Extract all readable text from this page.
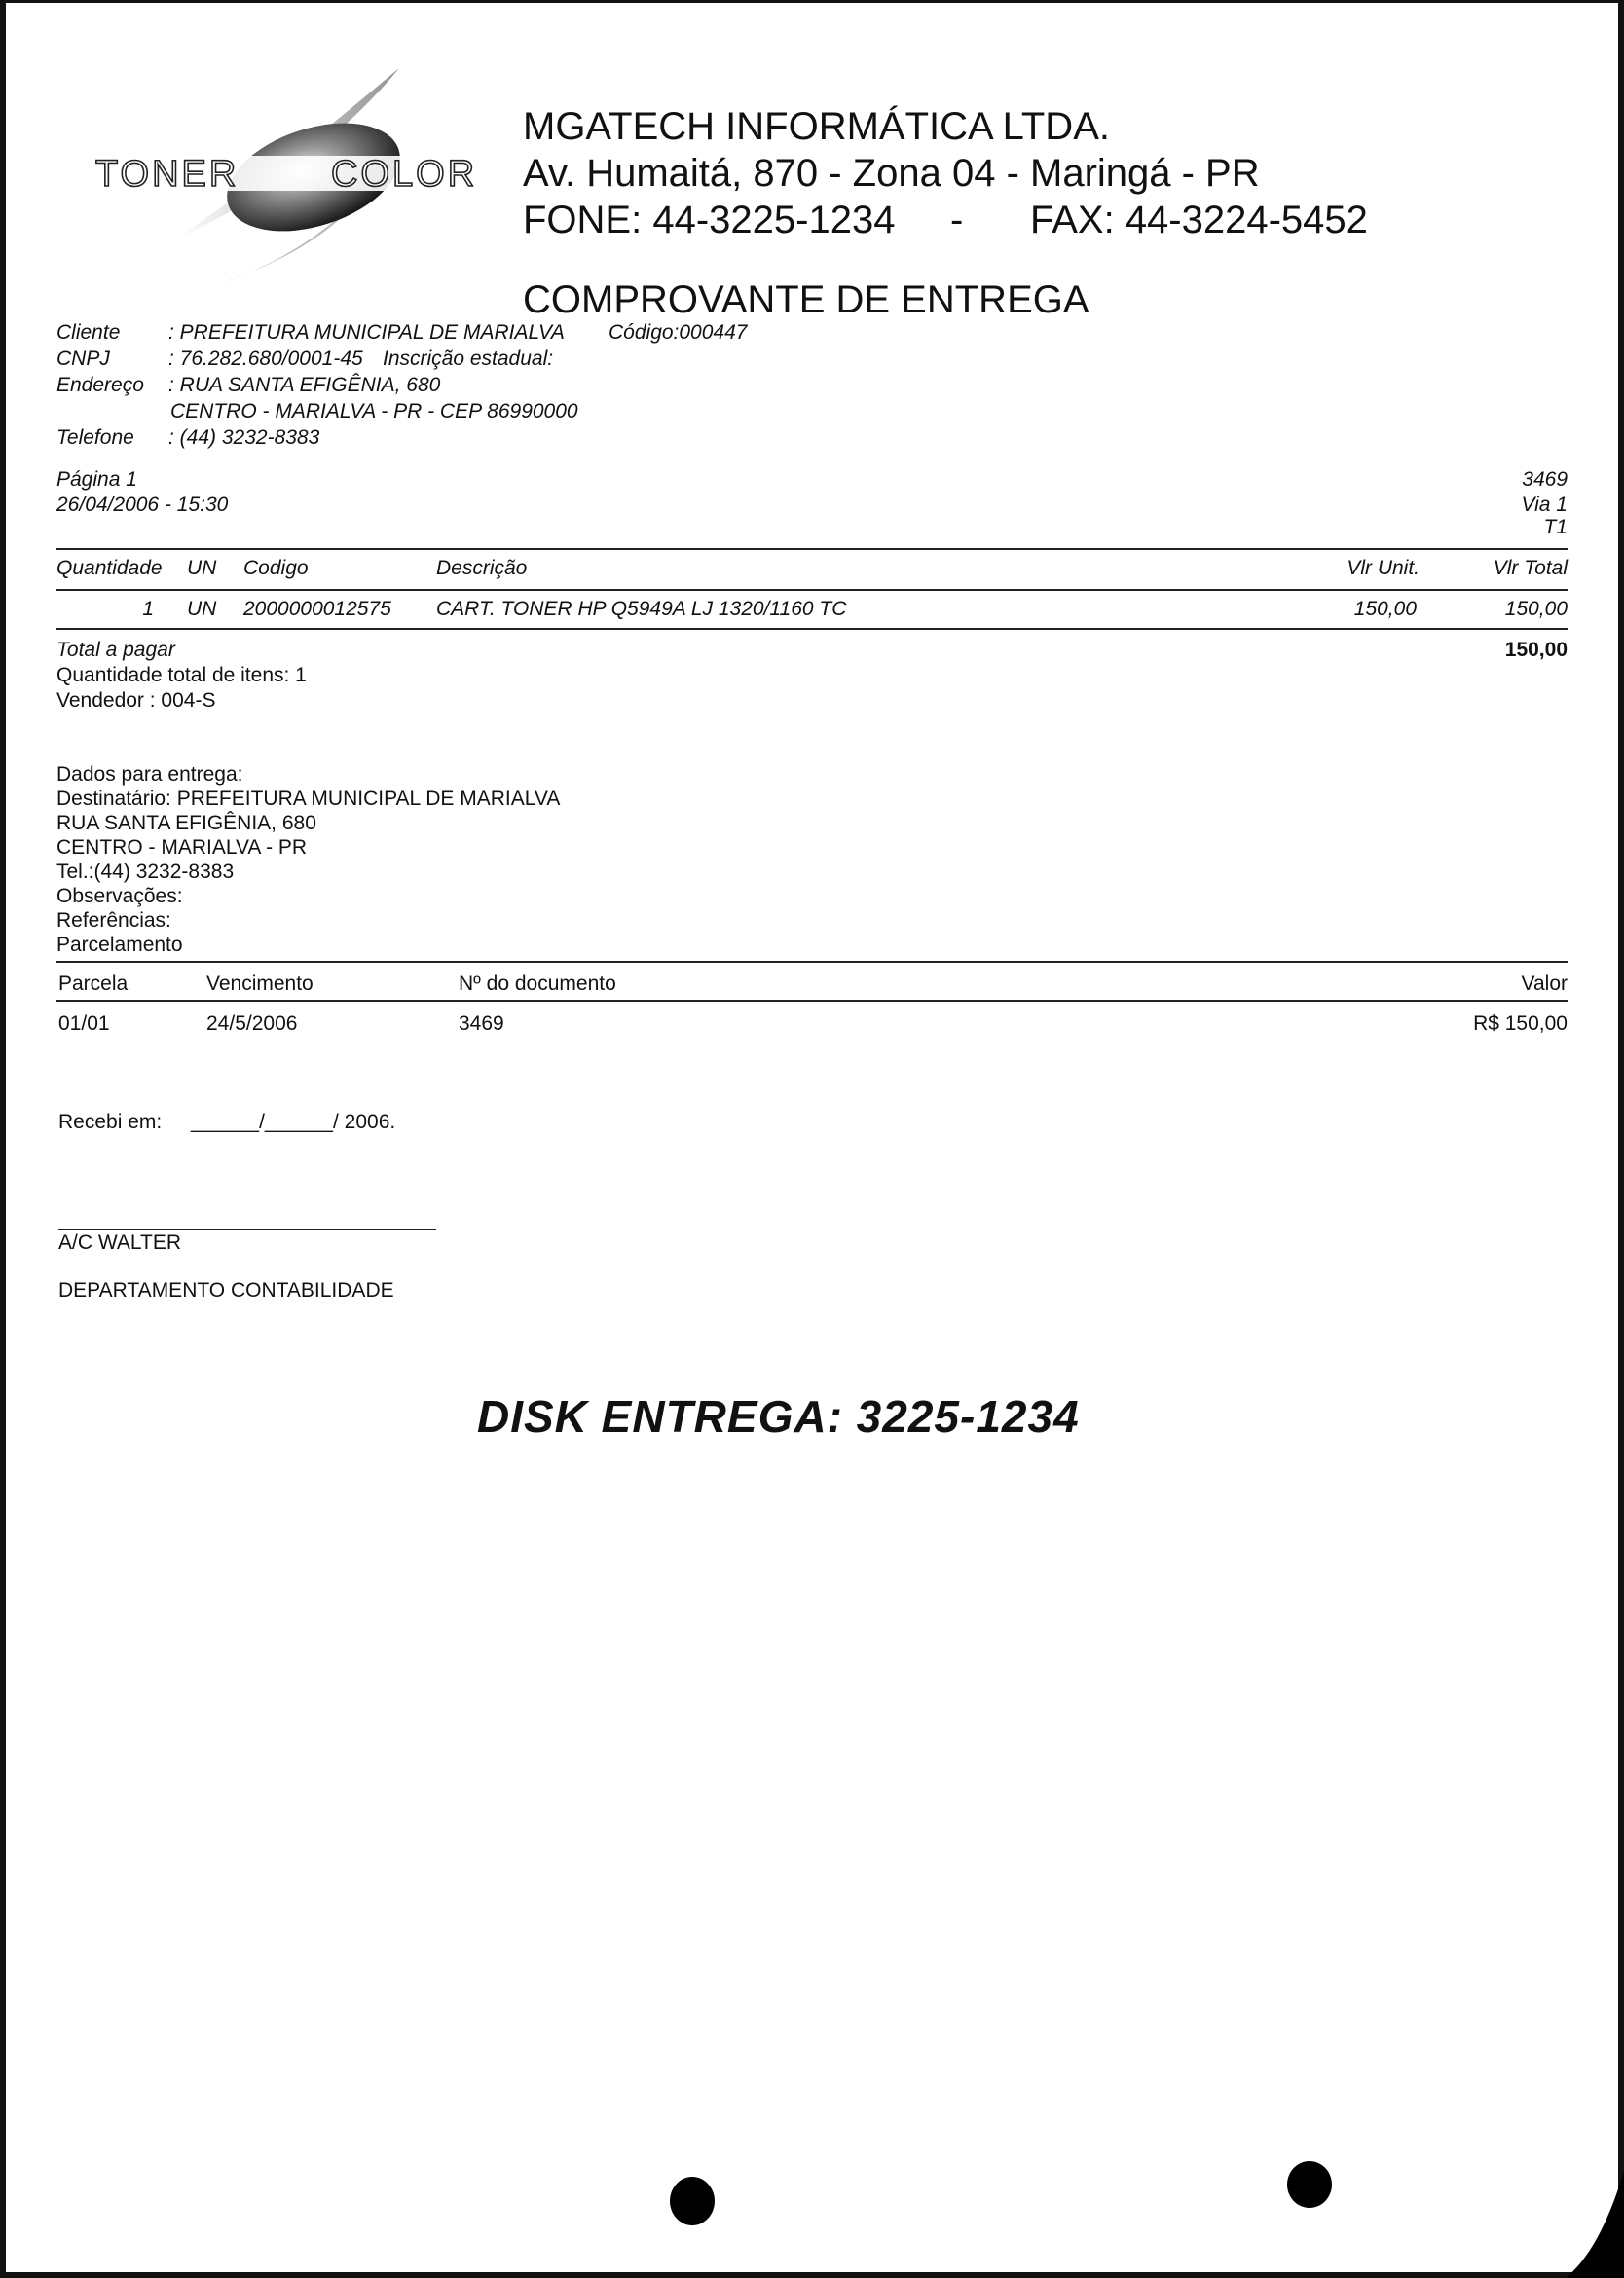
TONER COLOR
MGATECH INFORMÁTICA LTDA.
Av. Humaitá, 870 - Zona 04 - Maringá - PR
FONE: 44-3225-1234 - FAX: 44-3224-5452
COMPROVANTE DE ENTREGA
Cliente : PREFEITURA MUNICIPAL DE MARIALVA Código:000447
CNPJ	: 76.282.680/0001-45 Inscrição estadual:
Endereço : RUA SANTA EFIGÊNIA, 680
CENTRO - MARIALVA - PR - CEP 86990000
Telefone : (44) 3232-8383
Página 1
26/04/2006 - 15:30
3469
Via 1
T1
Quantidade UN Codigo	Descrição	Vlr Unit.	Vlr Total
1 UN 2000000012575 CART. TONER HP Q5949A LJ 1320/1160 TC	150,00	150,00
Total a pagar	150,00
Quantidade total de itens: 1
Vendedor : 004-S
Dados para entrega:
Destinatário: PREFEITURA MUNICIPAL DE MARIALVA
RUA SANTA EFIGÊNIA, 680
CENTRO - MARIALVA - PR
Tel.:(44) 3232-8383
Observações:
Referências:
Parcelamento
Parcela	Vencimento	Nº do documento	Valor
01/01	24/5/2006	3469	R$ 150,00
Recebi em: ______/______/ 2006.
A/C WALTER
DEPARTAMENTO CONTABILIDADE
DISK ENTREGA: 3225-1234
